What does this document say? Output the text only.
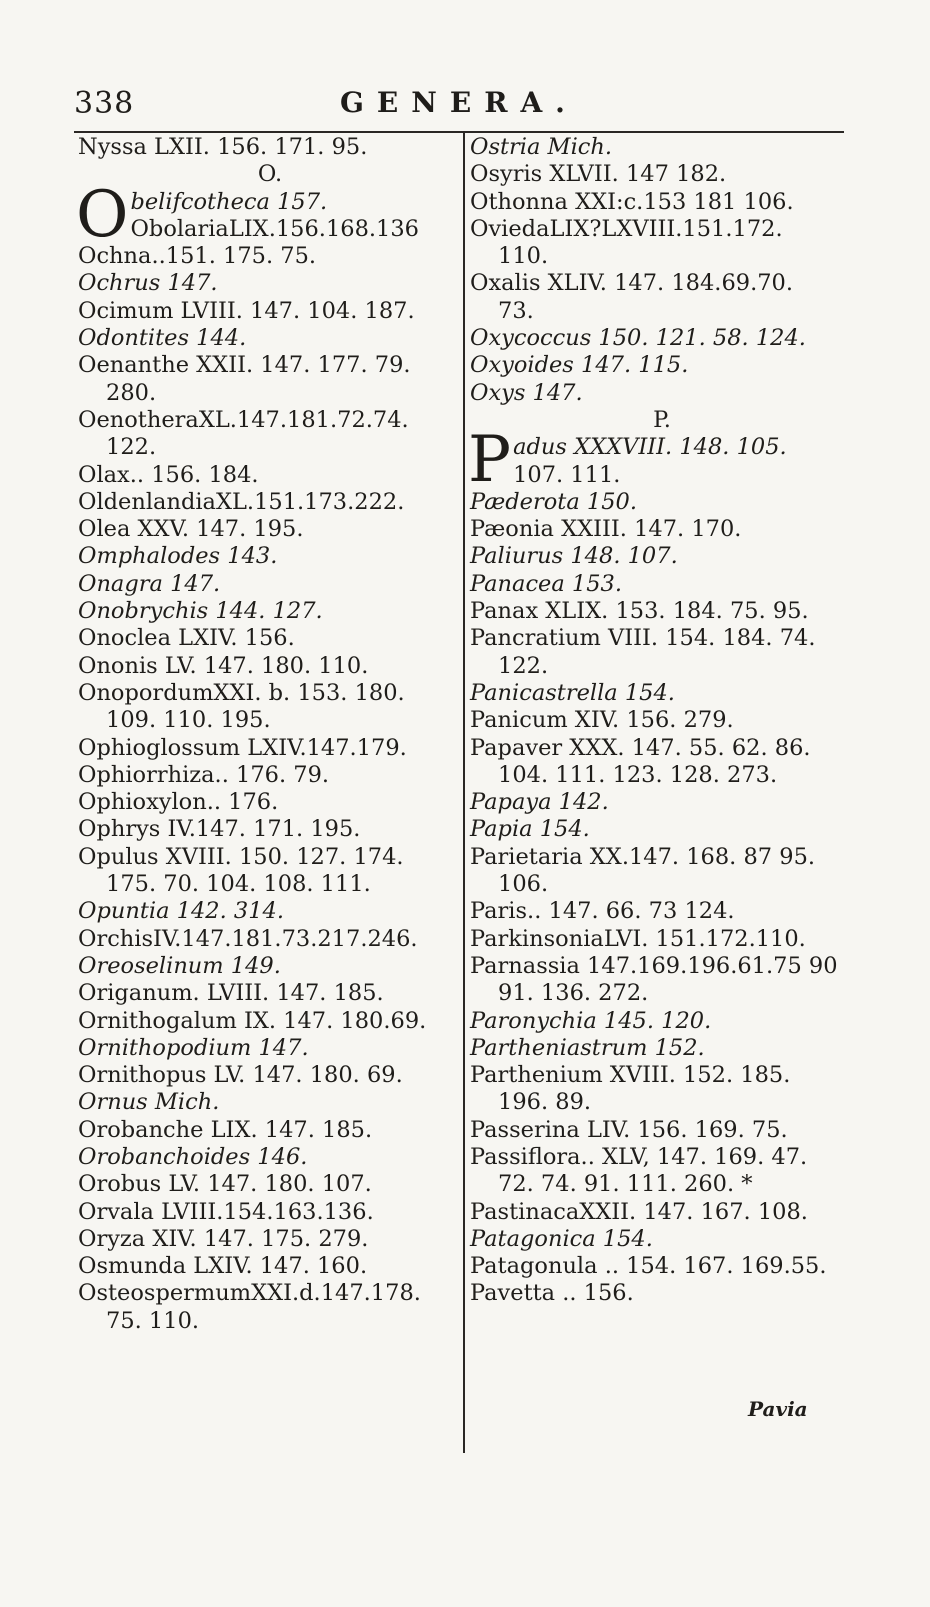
338	GENERA.
Nyssa LXII. 156. 171. 95.
O.
Obelifcotheca 157.
ObolariaLIX.156.168.136
Ochna..151. 175. 75.
Ochrus 147.
Ocimum LVIII. 147. 104. 187.
Odontites 144.
Oenanthe XXII. 147. 177. 79.
280.
OenotheraXL.147.181.72.74.
122.
Olax.. 156. 184.
OldenlandiaXL.151.173.222.
Olea XXV. 147. 195.
Omphalodes 143.
Onagra 147.
Onobrychis 144. 127.
Onoclea LXIV. 156.
Ononis LV. 147. 180. 110.
OnopordumXXI. b. 153. 180.
109. 110. 195.
Ophioglossum LXIV.147.179.
Ophiorrhiza.. 176. 79.
Ophioxylon.. 176.
Ophrys IV.147. 171. 195.
Opulus XVIII. 150. 127. 174.
175. 70. 104. 108. 111.
Opuntia 142. 314.
OrchisIV.147.181.73.217.246.
Oreoselinum 149.
Origanum. LVIII. 147. 185.
Ornithogalum IX. 147. 180.69.
Ornithopodium 147.
Ornithopus LV. 147. 180. 69.
Ornus Mich.
Orobanche LIX. 147. 185.
Orobanchoides 146.
Orobus LV. 147. 180. 107.
Orvala LVIII.154.163.136.
Oryza XIV. 147. 175. 279.
Osmunda LXIV. 147. 160.
OsteospermumXXI.d.147.178.
75. 110.
Ostria Mich.
Osyris XLVII. 147 182.
Othonna XXI:c.153 181 106.
OviedaLIX?LXVIII.151.172.
110.
Oxalis XLIV. 147. 184.69.70.
73.
Oxycoccus 150. 121. 58. 124.
Oxyoides 147. 115.
Oxys 147.
P.
Padus XXXVIII. 148. 105.
107. 111.
Pæderota 150.
Pæonia XXIII. 147. 170.
Paliurus 148. 107.
Panacea 153.
Panax XLIX. 153. 184. 75. 95.
Pancratium VIII. 154. 184. 74.
122.
Panicastrella 154.
Panicum XIV. 156. 279.
Papaver XXX. 147. 55. 62. 86.
104. 111. 123. 128. 273.
Papaya 142.
Papia 154.
Parietaria XX.147. 168. 87 95.
106.
Paris.. 147. 66. 73 124.
ParkinsoniaLVI. 151.172.110.
Parnassia 147.169.196.61.75 90
91. 136. 272.
Paronychia 145. 120.
Partheniastrum 152.
Parthenium XVIII. 152. 185.
196. 89.
Passerina LIV. 156. 169. 75.
Passiflora.. XLV, 147. 169. 47.
72. 74. 91. 111. 260. *
PastinacaXXII. 147. 167. 108.
Patagonica 154.
Patagonula .. 154. 167. 169.55.
Pavetta .. 156.
Pavia
